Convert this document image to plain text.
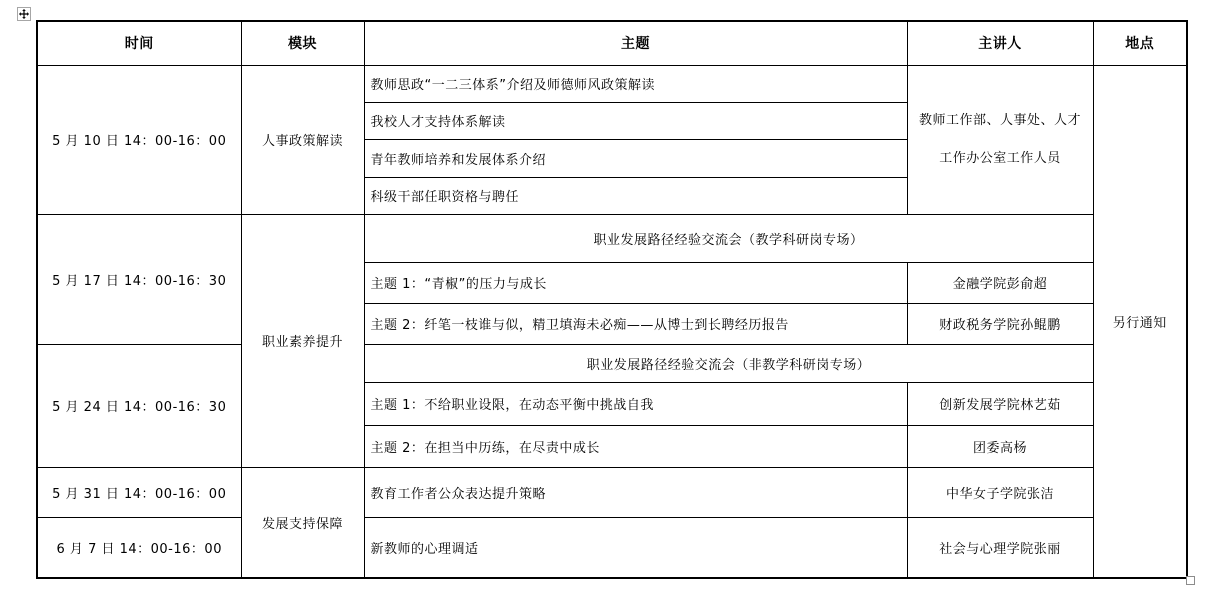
时间	模块	主题	主讲人	地点
5 月 10 日 14：00-16：00	人事政策解读	教师思政“一二三体系”介绍及师德师风政策解读	教师工作部、人事处、人才工作办公室工作人员	另行通知
		我校人才支持体系解读		
		青年教师培养和发展体系介绍		
		科级干部任职资格与聘任		
5 月 17 日 14：00-16：30	职业素养提升	职业发展路径经验交流会（教学科研岗专场）		
		主题 1：“青椒”的压力与成长	金融学院彭俞超	
		主题 2：纤笔一枝谁与似，精卫填海未必痴——从博士到长聘经历报告	财政税务学院孙鲲鹏	
5 月 24 日 14：00-16：30		职业发展路径经验交流会（非教学科研岗专场）		
		主题 1：不给职业设限，在动态平衡中挑战自我	创新发展学院林艺茹	
		主题 2：在担当中历练，在尽责中成长	团委高杨	
5 月 31 日 14：00-16：00	发展支持保障	教育工作者公众表达提升策略	中华女子学院张洁	
6 月 7 日 14：00-16：00		新教师的心理调适	社会与心理学院张丽	
